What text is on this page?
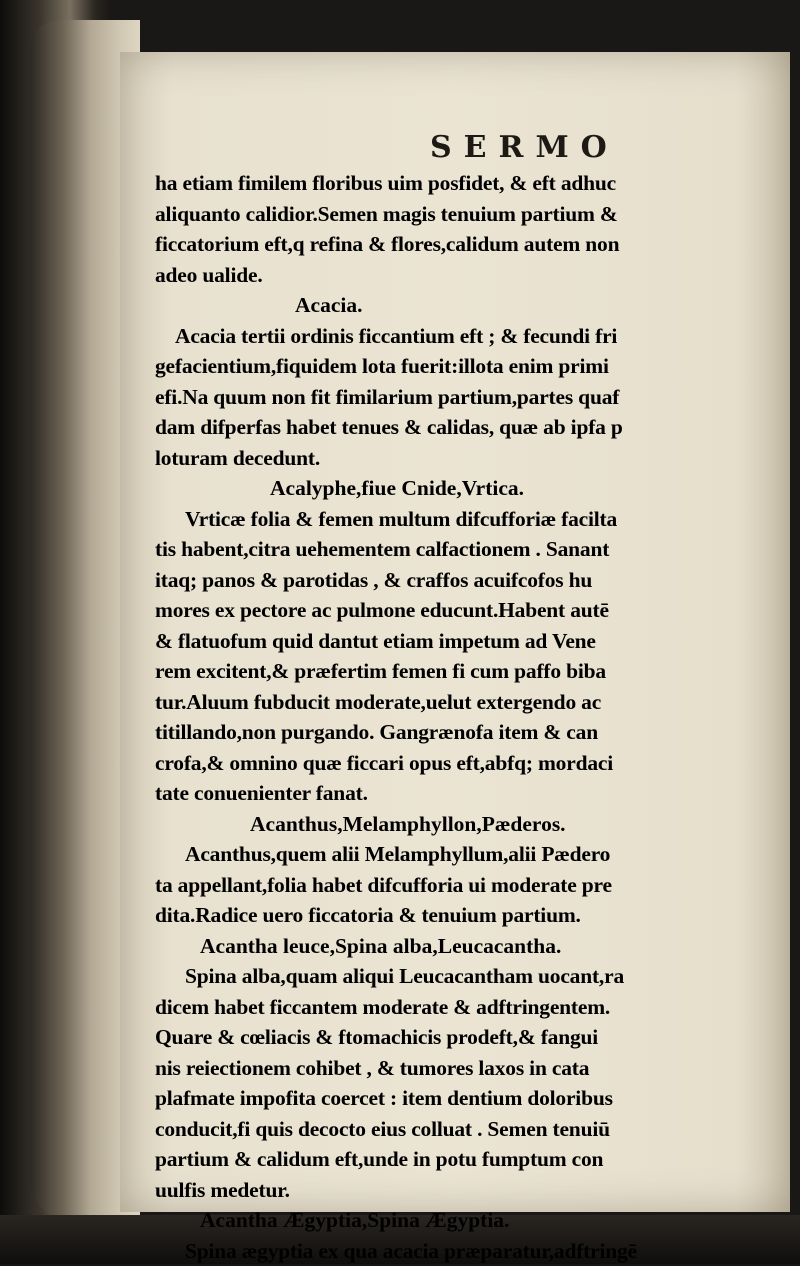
SERMO
ha etiam fimilem floribus uim posfidet, & eft adhuc
aliquanto calidior.Semen magis tenuium partium &
ficcatorium eft,q refina & flores,calidum autem non
adeo ualide.
Acacia.
Acacia tertii ordinis ficcantium eft ; & fecundi fri
gefacientium,fiquidem lota fuerit:illota enim primi
efi.Na quum non fit fimilarium partium,partes quaf
dam difperfas habet tenues & calidas, quæ ab ipfa p
loturam decedunt.
Acalyphe,fiue Cnide,Vrtica.
Vrticæ folia & femen multum difcufforiæ facilta
tis habent,citra uehementem calfactionem . Sanant
itaq; panos & parotidas , & craffos acuifcofos hu
mores ex pectore ac pulmone educunt.Habent autē
& flatuofum quid dantut etiam impetum ad Vene
rem excitent,& præfertim femen fi cum paffo biba
tur.Aluum fubducit moderate,uelut extergendo ac
titillando,non purgando. Gangrænofa item & can
crofa,& omnino quæ ficcari opus eft,abfq; mordaci
tate conuenienter fanat.
Acanthus,Melamphyllon,Pæderos.
Acanthus,quem alii Melamphyllum,alii Pædero
ta appellant,folia habet difcufforia ui moderate pre
dita.Radice uero ficcatoria & tenuium partium.
Acantha leuce,Spina alba,Leucacantha.
Spina alba,quam aliqui Leucacantham uocant,ra
dicem habet ficcantem moderate & adftringentem.
Quare & cœliacis & ftomachicis prodeft,& fangui
nis reiectionem cohibet , & tumores laxos in cata
plafmate impofita coercet : item dentium doloribus
conducit,fi quis decocto eius colluat . Semen tenuiū
partium & calidum eft,unde in potu fumptum con
uulfis medetur.
Acantha Ægyptia,Spina Ægyptia.
Spina ægyptia ex qua acacia præparatur,adftringē
